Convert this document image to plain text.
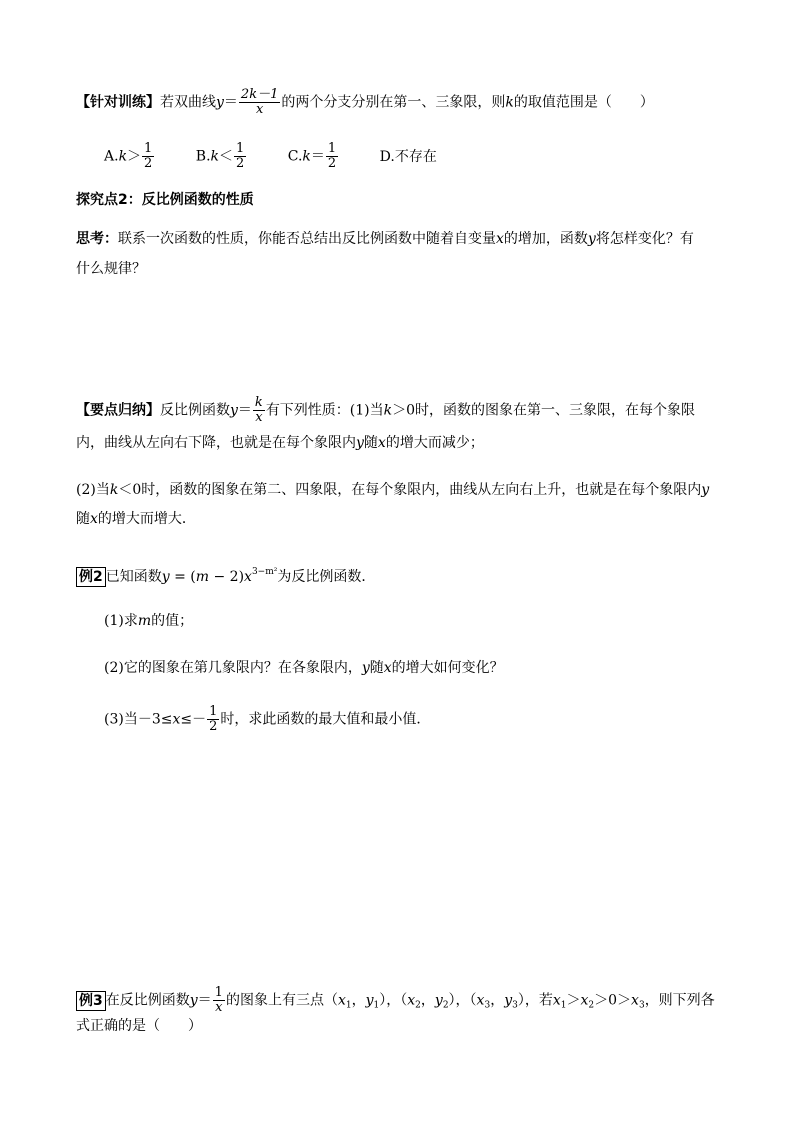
【针对训练】若双曲线$y= \frac{2k-1}{x}$ 的两个分支分别在第一、三象限，则k的取值范围是（　　）
$A.k> \frac{1}{2}$	$B.k< \frac{1}{2}$	$C.k= \frac{1}{2}$	D.不存在
探究点2：反比例函数的性质
思考：联系一次函数的性质，你能否总结出反比例函数中随着自变量x的增加，函数y将怎样变化？有
什么规律？
【要点归纳】反比例函数$y= \frac{k}{x}$ 有下列性质：(1)当k＞0时，函数的图象在第一、三象限，在每个象限
内，曲线从左向右下降，也就是在每个象限内y随x的增大而减少；
(2)当k＜0时，函数的图象在第二、四象限，在每个象限内，曲线从左向右上升，也就是在每个象限内y
随x的增大而增大．
例2 已知函数$y = (m - 2)x^{3-m^2}$为反比例函数．
(1)求m的值；
(2)它的图象在第几象限内？在各象限内，y随x的增大如何变化？
(3)当$-3\le x\le- \frac{1}{2}$ 时，求此函数的最大值和最小值．
例3 在反比例函数$y= \frac{1}{x}$ 的图象上有三点（$x_1$，$y_1$），（$x_2$，$y_2$），（$x_3$，$y_3$），若$x_1>x_2>0>x_3$，则下列各
式正确的是（　　）
